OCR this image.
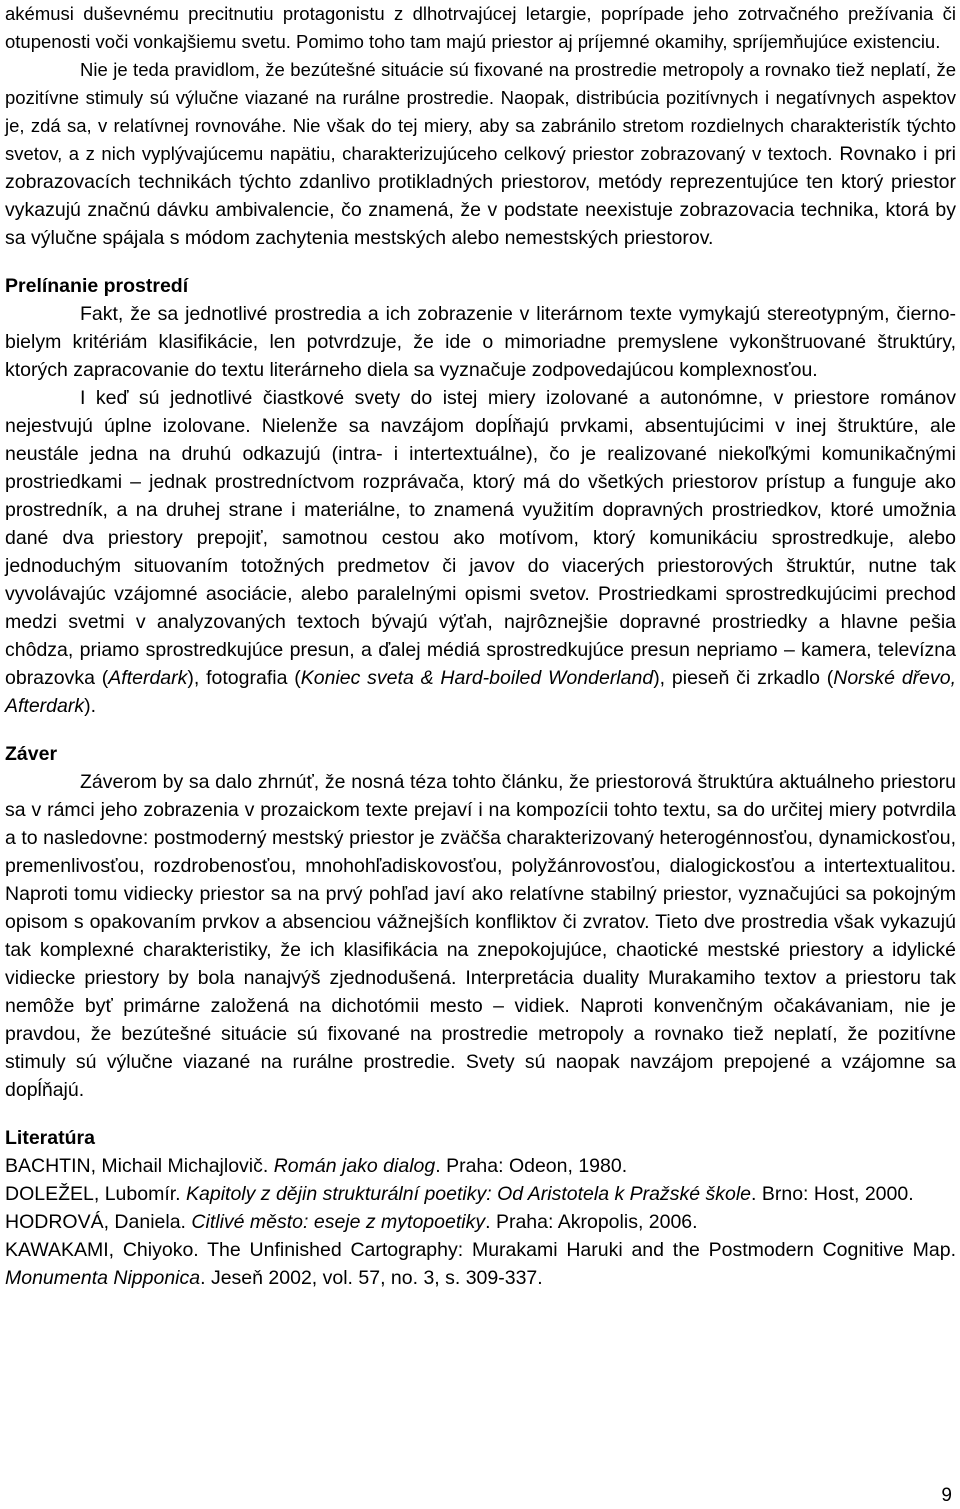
akémusi duševnému precitnutiu protagonistu z dlhotrvajúcej letargie, poprípade jeho zotrvačného prežívania či otupenosti voči vonkajšiemu svetu. Pomimo toho tam majú priestor aj príjemné okamihy, spríjemňujúce existenciu.

Nie je teda pravidlom, že bezútešné situácie sú fixované na prostredie metropoly a rovnako tiež neplatí, že pozitívne stimuly sú výlučne viazané na rurálne prostredie. Naopak, distribúcia pozitívnych i negatívnych aspektov je, zdá sa, v relatívnej rovnováhe. Nie však do tej miery, aby sa zabránilo stretom rozdielnych charakteristík týchto svetov, a z nich vyplývajúcemu napätiu, charakterizujúceho celkový priestor zobrazovaný v textoch. Rovnako i pri zobrazovacích technikách týchto zdanlivo protikladných priestorov, metódy reprezentujúce ten ktorý priestor vykazujú značnú dávku ambivalencie, čo znamená, že v podstate neexistuje zobrazovacia technika, ktorá by sa výlučne spájala s módom zachytenia mestských alebo nemestských priestorov.

Prelínanie prostredí

Fakt, že sa jednotlivé prostredia a ich zobrazenie v literárnom texte vymykajú stereotypným, čierno-bielym kritériám klasifikácie, len potvrdzuje, že ide o mimoriadne premyslene vykonštruované štruktúry, ktorých zapracovanie do textu literárneho diela sa vyznačuje zodpovedajúcou komplexnosťou.

I keď sú jednotlivé čiastkové svety do istej miery izolované a autonómne, v priestore románov nejestvujú úplne izolovane. Nielenže sa navzájom dopĺňajú prvkami, absentujúcimi v inej štruktúre, ale neustále jedna na druhú odkazujú (intra- i intertextuálne), čo je realizované niekoľkými komunikačnými prostriedkami – jednak prostredníctvom rozprávača, ktorý má do všetkých priestorov prístup a funguje ako prostredník, a na druhej strane i materiálne, to znamená využitím dopravných prostriedkov, ktoré umožnia dané dva priestory prepojiť, samotnou cestou ako motívom, ktorý komunikáciu sprostredkuje, alebo jednoduchým situovaním totožných predmetov či javov do viacerých priestorových štruktúr, nutne tak vyvolávajúc vzájomné asociácie, alebo paralelnými opismi svetov. Prostriedkami sprostredkujúcimi prechod medzi svetmi v analyzovaných textoch bývajú výťah, najrôznejšie dopravné prostriedky a hlavne pešia chôdza, priamo sprostredkujúce presun, a ďalej médiá sprostredkujúce presun nepriamo – kamera, televízna obrazovka (Afterdark), fotografia (Koniec sveta & Hard-boiled Wonderland), pieseň či zrkadlo (Norské dřevo, Afterdark).

Záver

Záverom by sa dalo zhrnúť, že nosná téza tohto článku, že priestorová štruktúra aktuálneho priestoru sa v rámci jeho zobrazenia v prozaickom texte prejaví i na kompozícii tohto textu, sa do určitej miery potvrdila a to nasledovne: postmoderný mestský priestor je zväčša charakterizovaný heterogénnosťou, dynamickosťou, premenlivosťou, rozdrobenosťou, mnohohľadiskovosťou, polyžánrovosťou, dialogickosťou a intertextualitou. Naproti tomu vidiecky priestor sa na prvý pohľad javí ako relatívne stabilný priestor, vyznačujúci sa pokojným opisom s opakovaním prvkov a absenciou vážnejších konfliktov či zvratov. Tieto dve prostredia však vykazujú tak komplexné charakteristiky, že ich klasifikácia na znepokojujúce, chaotické mestské priestory a idylické vidiecke priestory by bola nanajvýš zjednodušená. Interpretácia duality Murakamiho textov a priestoru tak nemôže byť primárne založená na dichotómii mesto – vidiek. Naproti konvenčným očakávaniam, nie je pravdou, že bezútešné situácie sú fixované na prostredie metropoly a rovnako tiež neplatí, že pozitívne stimuly sú výlučne viazané na rurálne prostredie. Svety sú naopak navzájom prepojené a vzájomne sa dopĺňajú.

Literatúra

BACHTIN, Michail Michajlovič. Román jako dialog. Praha: Odeon, 1980.

DOLEŽEL, Lubomír. Kapitoly z dějin strukturální poetiky: Od Aristotela k Pražské škole. Brno: Host, 2000.

HODROVÁ, Daniela. Citlivé město: eseje z mytopoetiky. Praha: Akropolis, 2006.

KAWAKAMI, Chiyoko. The Unfinished Cartography: Murakami Haruki and the Postmodern Cognitive Map. Monumenta Nipponica. Jeseň 2002, vol. 57, no. 3, s. 309-337.

9
